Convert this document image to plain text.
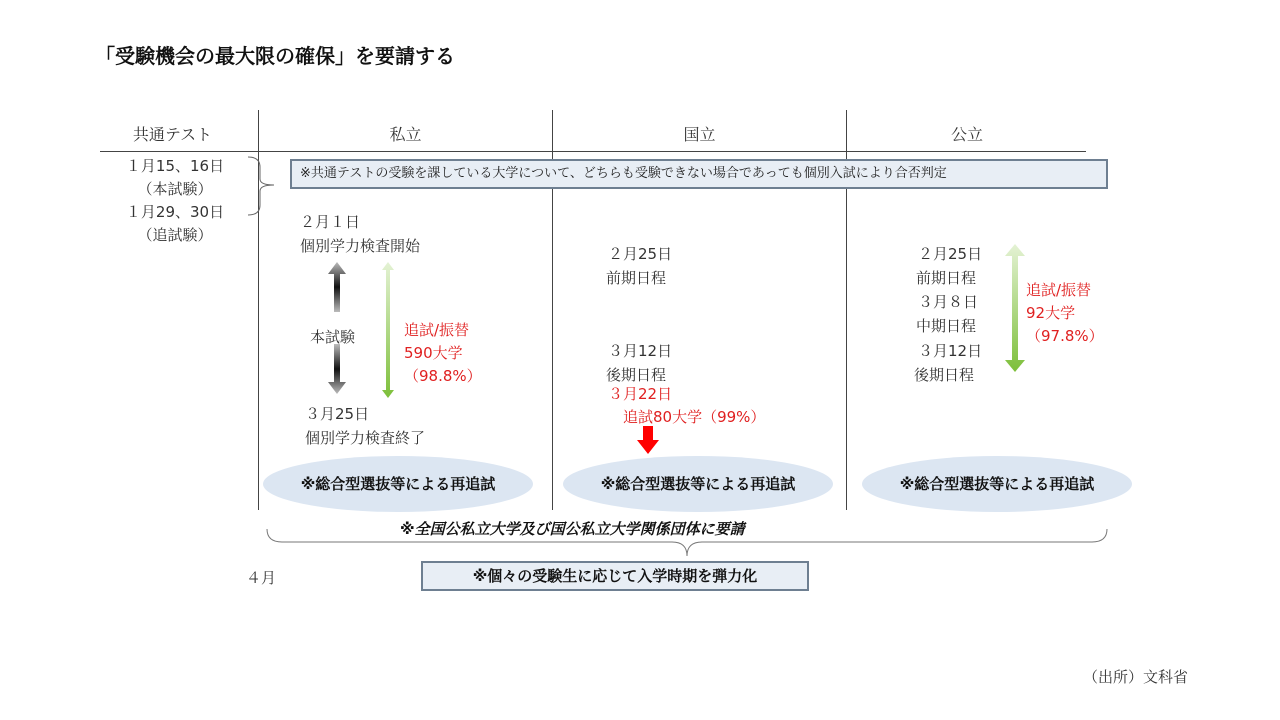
「受験機会の最大限の確保」を要請する
共通テスト	私立	国立	公立
１月15、16日
（本試験）
１月29、30日
（追試験）
※共通テストの受験を課している大学について、どちらも受験できない場合であっても個別入試により合否判定
２月１日
個別学力検査開始
本試験	追試/振替
590大学
（98.8%）
３月25日
個別学力検査終了
２月25日
前期日程
３月12日
後期日程
３月22日
追試80大学（99%）
２月25日
前期日程
３月８日
中期日程
３月12日
後期日程
追試/振替
92大学
（97.8%）
※総合型選抜等による再追試	※総合型選抜等による再追試	※総合型選抜等による再追試
※全国公私立大学及び国公私立大学関係団体に要請
４月	※個々の受験生に応じて入学時期を弾力化
（出所）文科省
